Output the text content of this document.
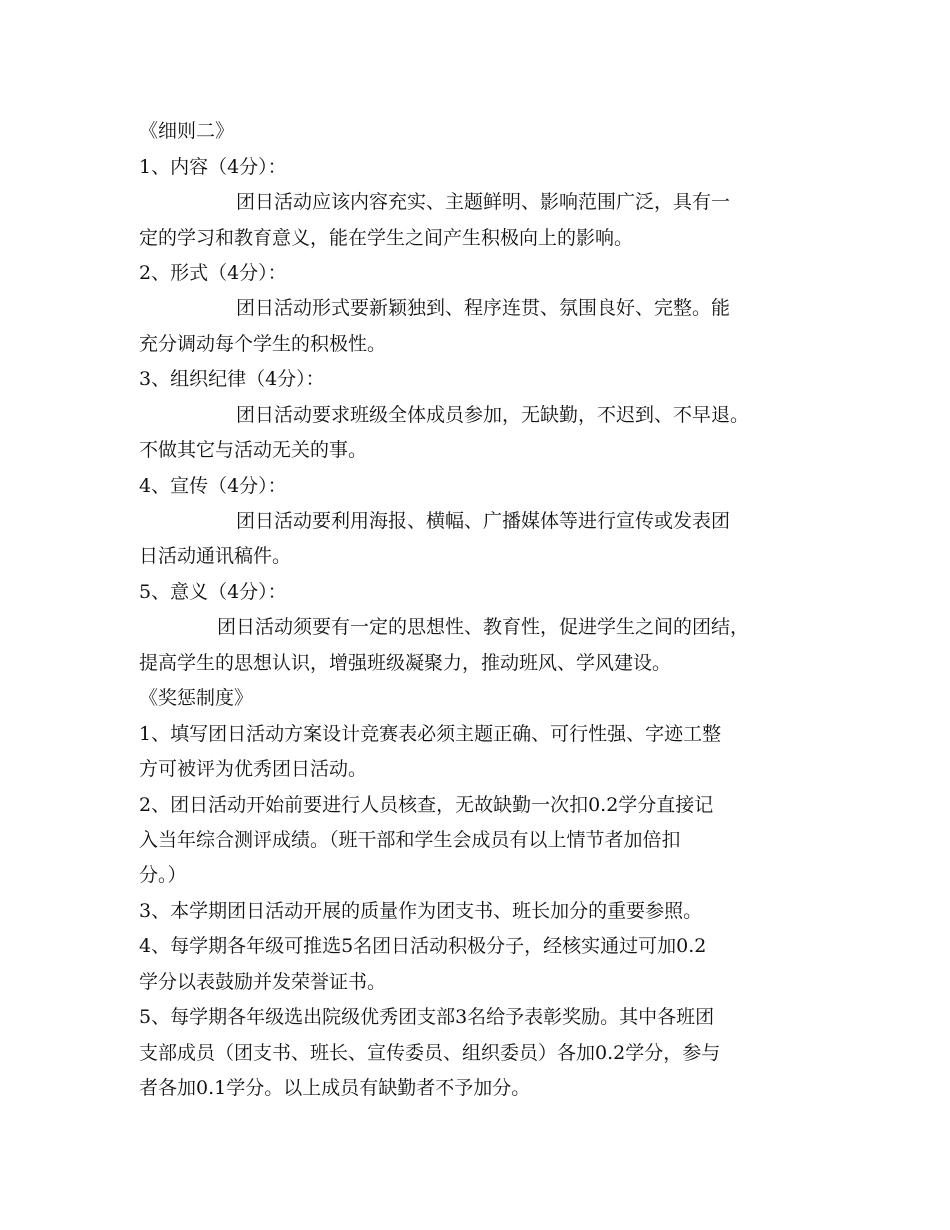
《细则二》
1、内容（4分）：
团日活动应该内容充实、主题鲜明、影响范围广泛，具有一
定的学习和教育意义，能在学生之间产生积极向上的影响。
2、形式（4分）：
团日活动形式要新颖独到、程序连贯、氛围良好、完整。能
充分调动每个学生的积极性。
3、组织纪律（4分）：
团日活动要求班级全体成员参加，无缺勤，不迟到、不早退。
不做其它与活动无关的事。
4、宣传（4分）：
团日活动要利用海报、横幅、广播媒体等进行宣传或发表团
日活动通讯稿件。
5、意义（4分）：
团日活动须要有一定的思想性、教育性，促进学生之间的团结，
提高学生的思想认识，增强班级凝聚力，推动班风、学风建设。
《奖惩制度》
1、填写团日活动方案设计竞赛表必须主题正确、可行性强、字迹工整
方可被评为优秀团日活动。
2、团日活动开始前要进行人员核查，无故缺勤一次扣0.2学分直接记
入当年综合测评成绩。（班干部和学生会成员有以上情节者加倍扣
分。）
3、本学期团日活动开展的质量作为团支书、班长加分的重要参照。
4、每学期各年级可推选5名团日活动积极分子，经核实通过可加0.2
学分以表鼓励并发荣誉证书。
5、每学期各年级选出院级优秀团支部3名给予表彰奖励。其中各班团
支部成员（团支书、班长、宣传委员、组织委员）各加0.2学分，参与
者各加0.1学分。以上成员有缺勤者不予加分。
